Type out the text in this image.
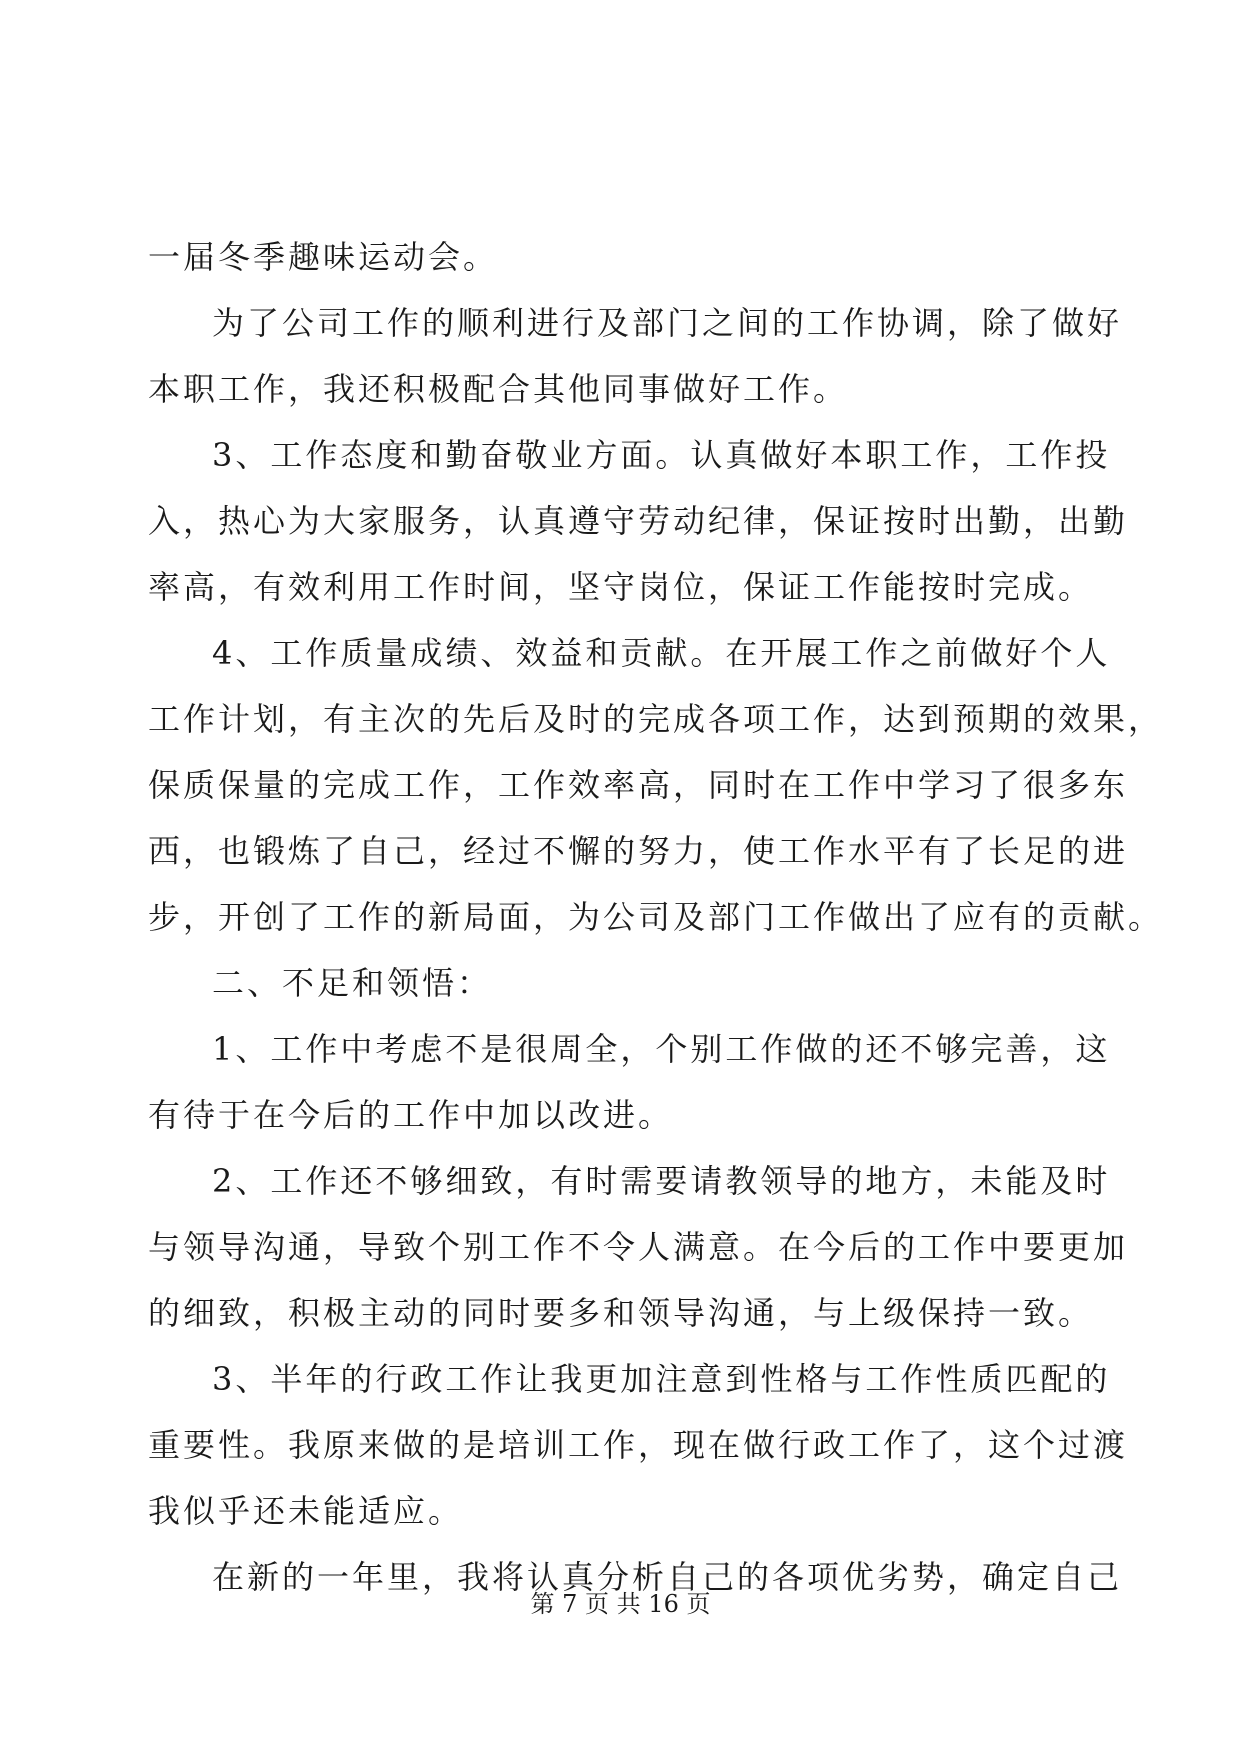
一届冬季趣味运动会。
为了公司工作的顺利进行及部门之间的工作协调，除了做好
本职工作，我还积极配合其他同事做好工作。
3、工作态度和勤奋敬业方面。认真做好本职工作，工作投
入，热心为大家服务，认真遵守劳动纪律，保证按时出勤，出勤
率高，有效利用工作时间，坚守岗位，保证工作能按时完成。
4、工作质量成绩、效益和贡献。在开展工作之前做好个人
工作计划，有主次的先后及时的完成各项工作，达到预期的效果，
保质保量的完成工作，工作效率高，同时在工作中学习了很多东
西，也锻炼了自己，经过不懈的努力，使工作水平有了长足的进
步，开创了工作的新局面，为公司及部门工作做出了应有的贡献。
二、不足和领悟：
1、工作中考虑不是很周全，个别工作做的还不够完善，这
有待于在今后的工作中加以改进。
2、工作还不够细致，有时需要请教领导的地方，未能及时
与领导沟通，导致个别工作不令人满意。在今后的工作中要更加
的细致，积极主动的同时要多和领导沟通，与上级保持一致。
3、半年的行政工作让我更加注意到性格与工作性质匹配的
重要性。我原来做的是培训工作，现在做行政工作了，这个过渡
我似乎还未能适应。
在新的一年里，我将认真分析自己的各项优劣势，确定自己
第 7 页 共 16 页
